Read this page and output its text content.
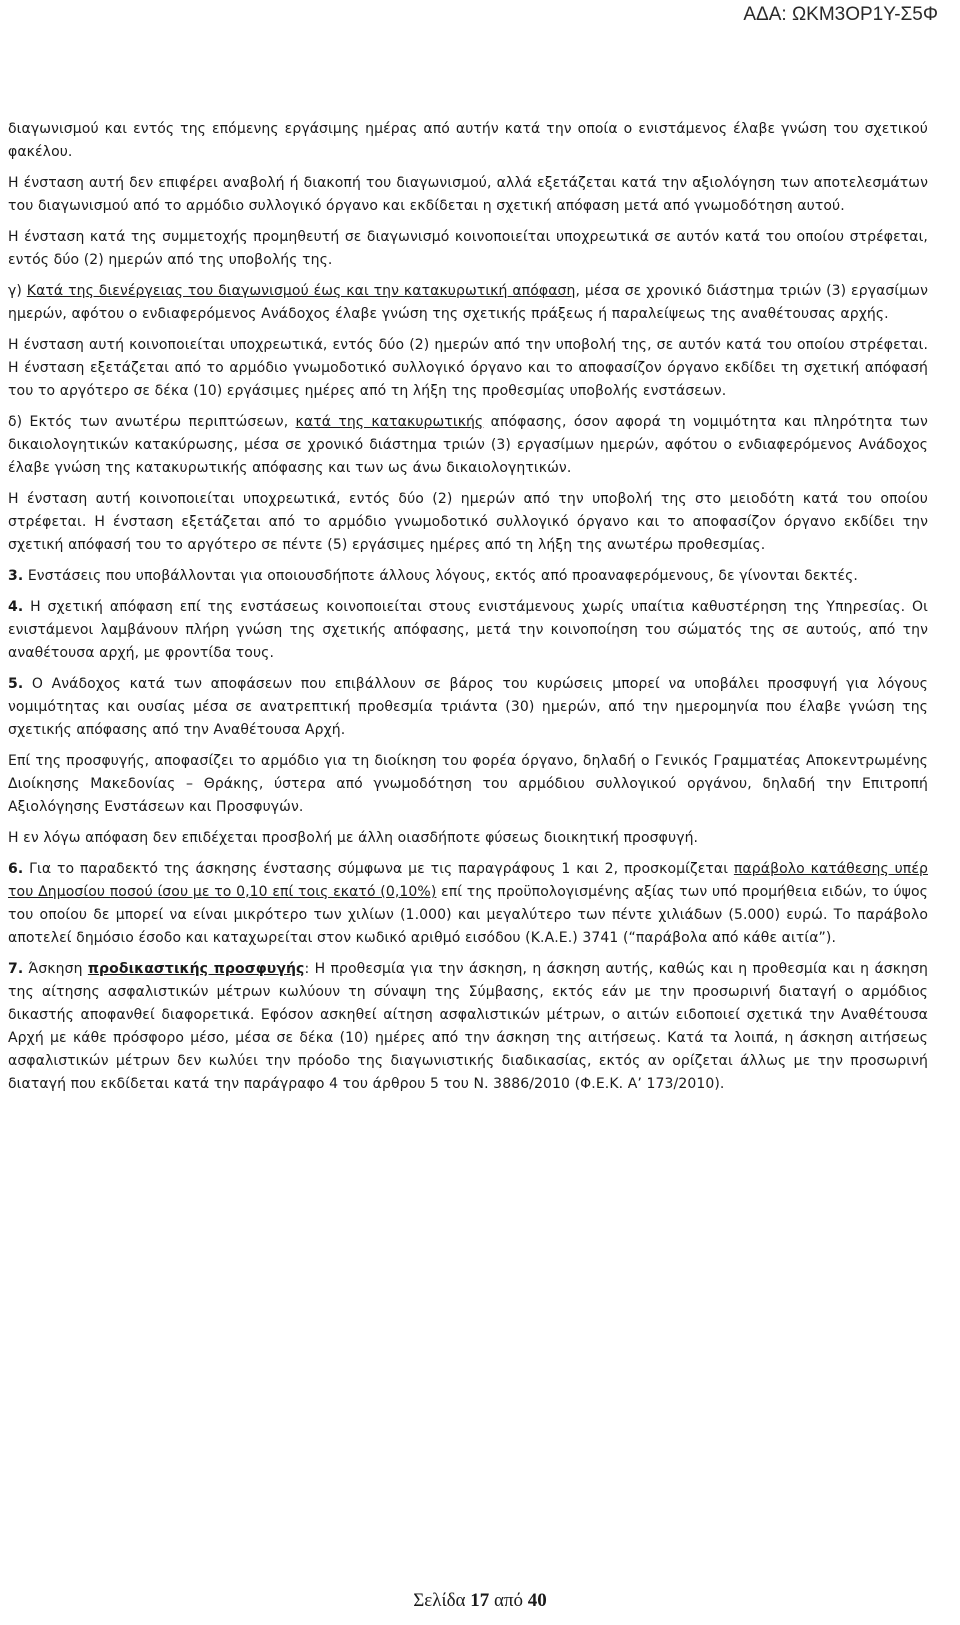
ΑΔΑ: ΩΚΜ3ΟΡ1Υ-Σ5Φ

διαγωνισμού και εντός της επόμενης εργάσιμης ημέρας από αυτήν κατά την οποία ο ενιστάμενος έλαβε γνώση του σχετικού φακέλου.

Η ένσταση αυτή δεν επιφέρει αναβολή ή διακοπή του διαγωνισμού, αλλά εξετάζεται κατά την αξιολόγηση των αποτελεσμάτων του διαγωνισμού από το αρμόδιο συλλογικό όργανο και εκδίδεται η σχετική απόφαση μετά από γνωμοδότηση αυτού.

Η ένσταση κατά της συμμετοχής προμηθευτή σε διαγωνισμό κοινοποιείται υποχρεωτικά σε αυτόν κατά του οποίου στρέφεται, εντός δύο (2) ημερών από της υποβολής της.

γ) Κατά της διενέργειας του διαγωνισμού έως και την κατακυρωτική απόφαση, μέσα σε χρονικό διάστημα τριών (3) εργασίμων ημερών, αφότου ο ενδιαφερόμενος Ανάδοχος έλαβε γνώση της σχετικής πράξεως ή παραλείψεως της αναθέτουσας αρχής.

Η ένσταση αυτή κοινοποιείται υποχρεωτικά, εντός δύο (2) ημερών από την υποβολή της, σε αυτόν κατά του οποίου στρέφεται. Η ένσταση εξετάζεται από το αρμόδιο γνωμοδοτικό συλλογικό όργανο και το αποφασίζον όργανο εκδίδει τη σχετική απόφασή του το αργότερο σε δέκα (10) εργάσιμες ημέρες από τη λήξη της προθεσμίας υποβολής ενστάσεων.

δ) Εκτός των ανωτέρω περιπτώσεων, κατά της κατακυρωτικής απόφασης, όσον αφορά τη νομιμότητα και πληρότητα των δικαιολογητικών κατακύρωσης, μέσα σε χρονικό διάστημα τριών (3) εργασίμων ημερών, αφότου ο ενδιαφερόμενος Ανάδοχος έλαβε γνώση της κατακυρωτικής απόφασης και των ως άνω δικαιολογητικών.

Η ένσταση αυτή κοινοποιείται υποχρεωτικά, εντός δύο (2) ημερών από την υποβολή της στο μειοδότη κατά του οποίου στρέφεται. Η ένσταση εξετάζεται από το αρμόδιο γνωμοδοτικό συλλογικό όργανο και το αποφασίζον όργανο εκδίδει την σχετική απόφασή του το αργότερο σε πέντε (5) εργάσιμες ημέρες από τη λήξη της ανωτέρω προθεσμίας.

3. Ενστάσεις που υποβάλλονται για οποιουσδήποτε άλλους λόγους, εκτός από προαναφερόμενους, δε γίνονται δεκτές.

4. Η σχετική απόφαση επί της ενστάσεως κοινοποιείται στους ενιστάμενους χωρίς υπαίτια καθυστέρηση της Υπηρεσίας. Οι ενιστάμενοι λαμβάνουν πλήρη γνώση της σχετικής απόφασης, μετά την κοινοποίηση του σώματός της σε αυτούς, από την αναθέτουσα αρχή, με φροντίδα τους.

5. Ο Ανάδοχος κατά των αποφάσεων που επιβάλλουν σε βάρος του κυρώσεις μπορεί να υποβάλει προσφυγή για λόγους νομιμότητας και ουσίας μέσα σε ανατρεπτική προθεσμία τριάντα (30) ημερών, από την ημερομηνία που έλαβε γνώση της σχετικής απόφασης από την Αναθέτουσα Αρχή.

Επί της προσφυγής, αποφασίζει το αρμόδιο για τη διοίκηση του φορέα όργανο, δηλαδή ο Γενικός Γραμματέας Αποκεντρωμένης Διοίκησης Μακεδονίας – Θράκης, ύστερα από γνωμοδότηση του αρμόδιου συλλογικού οργάνου, δηλαδή την Επιτροπή Αξιολόγησης Ενστάσεων και Προσφυγών.

Η εν λόγω απόφαση δεν επιδέχεται προσβολή με άλλη οιασδήποτε φύσεως διοικητική προσφυγή.

6. Για το παραδεκτό της άσκησης ένστασης σύμφωνα με τις παραγράφους 1 και 2, προσκομίζεται παράβολο κατάθεσης υπέρ του Δημοσίου ποσού ίσου με το 0,10 επί τοις εκατό (0,10%) επί της προϋπολογισμένης αξίας των υπό προμήθεια ειδών, το ύψος του οποίου δε μπορεί να είναι μικρότερο των χιλίων (1.000) και μεγαλύτερο των πέντε χιλιάδων (5.000) ευρώ. Το παράβολο αποτελεί δημόσιο έσοδο και καταχωρείται στον κωδικό αριθμό εισόδου (Κ.Α.Ε.) 3741 (“παράβολα από κάθε αιτία”).

7. Άσκηση προδικαστικής προσφυγής: Η προθεσμία για την άσκηση, η άσκηση αυτής, καθώς και η προθεσμία και η άσκηση της αίτησης ασφαλιστικών μέτρων κωλύουν τη σύναψη της Σύμβασης, εκτός εάν με την προσωρινή διαταγή ο αρμόδιος δικαστής αποφανθεί διαφορετικά. Εφόσον ασκηθεί αίτηση ασφαλιστικών μέτρων, ο αιτών ειδοποιεί σχετικά την Αναθέτουσα Αρχή με κάθε πρόσφορο μέσο, μέσα σε δέκα (10) ημέρες από την άσκηση της αιτήσεως. Κατά τα λοιπά, η άσκηση αιτήσεως ασφαλιστικών μέτρων δεν κωλύει την πρόοδο της διαγωνιστικής διαδικασίας, εκτός αν ορίζεται άλλως με την προσωρινή διαταγή που εκδίδεται κατά την παράγραφο 4 του άρθρου 5 του Ν. 3886/2010 (Φ.Ε.Κ. Α’ 173/2010).

Σελίδα 17 από 40
